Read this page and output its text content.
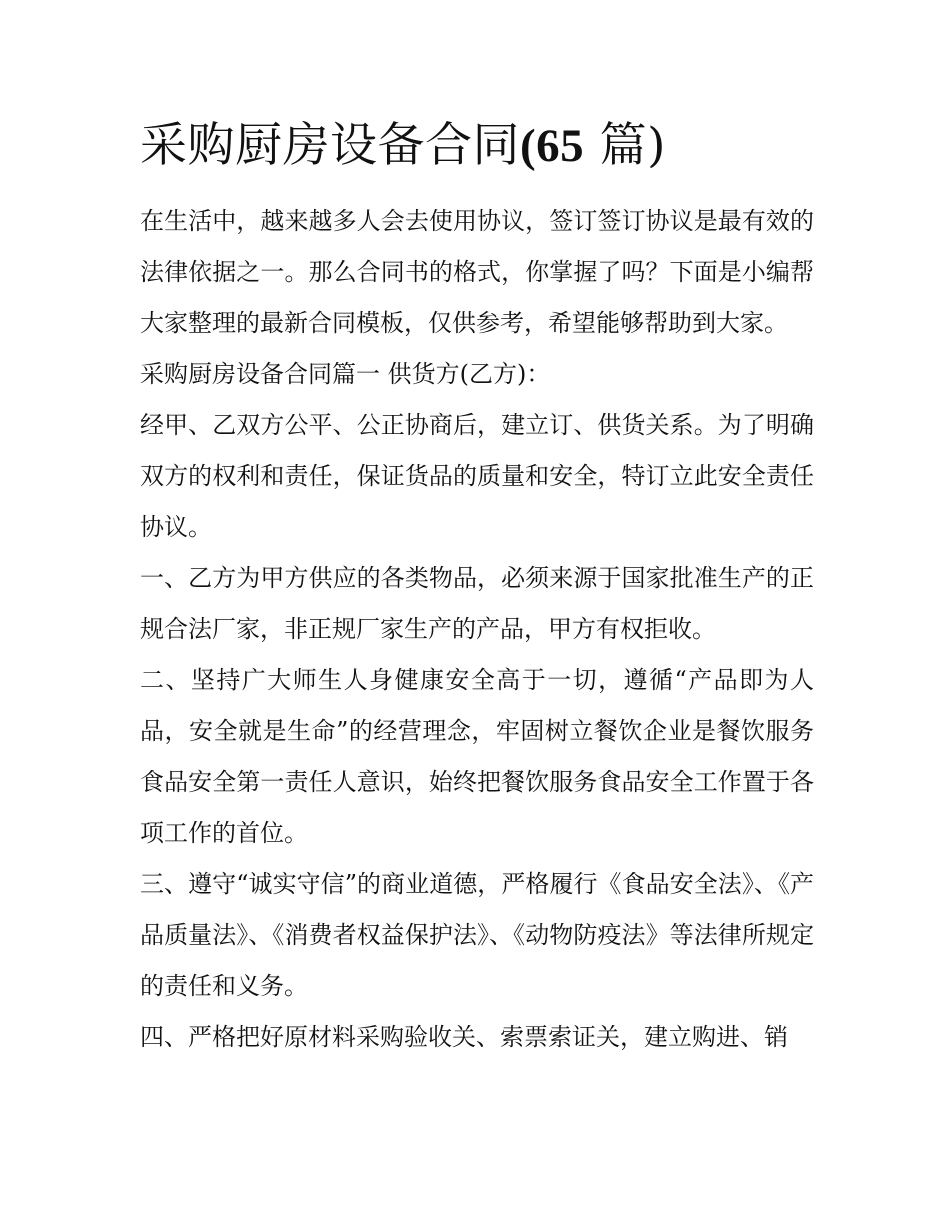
采购厨房设备合同(65 篇)

在生活中，越来越多人会去使用协议，签订签订协议是最有效的法律依据之一。那么合同书的格式，你掌握了吗？下面是小编帮大家整理的最新合同模板，仅供参考，希望能够帮助到大家。

采购厨房设备合同篇一 供货方(乙方)：

经甲、乙双方公平、公正协商后，建立订、供货关系。为了明确双方的权利和责任，保证货品的质量和安全，特订立此安全责任协议。

一、乙方为甲方供应的各类物品，必须来源于国家批准生产的正规合法厂家，非正规厂家生产的产品，甲方有权拒收。

二、坚持广大师生人身健康安全高于一切，遵循“产品即为人品，安全就是生命”的经营理念，牢固树立餐饮企业是餐饮服务食品安全第一责任人意识，始终把餐饮服务食品安全工作置于各项工作的首位。

三、遵守“诚实守信”的商业道德，严格履行《食品安全法》、《产品质量法》、《消费者权益保护法》、《动物防疫法》等法律所规定的责任和义务。

四、严格把好原材料采购验收关、索票索证关，建立购进、销
